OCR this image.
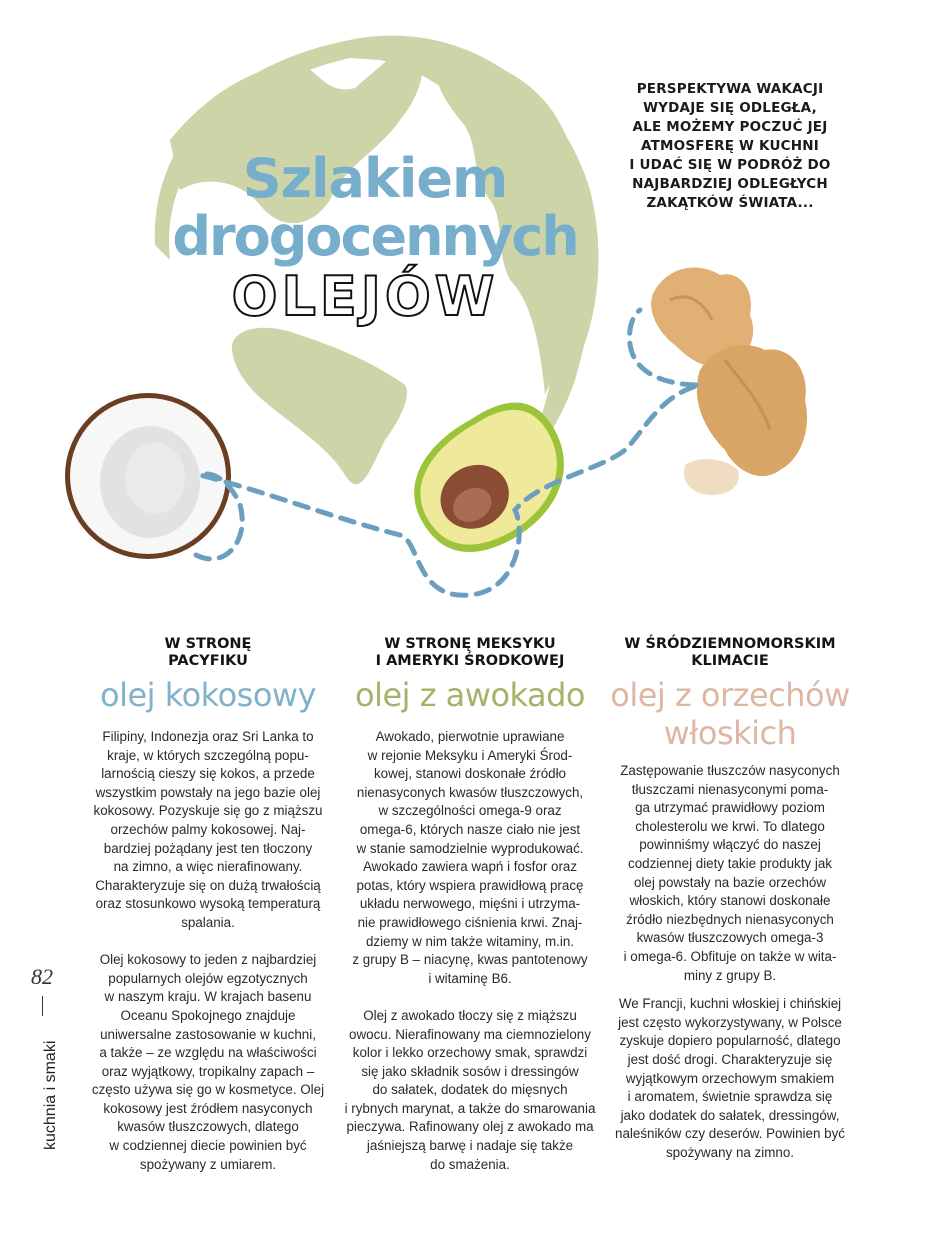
Szlakiem
drogocennych
OLEJÓW
PERSPEKTYWA WAKACJI
WYDAJE SIĘ ODLEGŁA,
ALE MOŻEMY POCZUĆ JEJ
ATMOSFERĘ W KUCHNI
I UDAĆ SIĘ W PODRÓŻ DO
NAJBARDZIEJ ODLEGŁYCH
ZAKĄTKÓW ŚWIATA...
W STRONĘ
PACYFIKU
olej kokosowy
Filipiny, Indonezja oraz Sri Lanka to
kraje, w których szczególną popu-
larnością cieszy się kokos, a przede
wszystkim powstały na jego bazie olej
kokosowy. Pozyskuje się go z miąższu
orzechów palmy kokosowej. Naj-
bardziej pożądany jest ten tłoczony
na zimno, a więc nierafinowany.
Charakteryzuje się on dużą trwałością
oraz stosunkowo wysoką temperaturą
spalania.
Olej kokosowy to jeden z najbardziej
popularnych olejów egzotycznych
w naszym kraju. W krajach basenu
Oceanu Spokojnego znajduje
uniwersalne zastosowanie w kuchni,
a także – ze względu na właściwości
oraz wyjątkowy, tropikalny zapach –
często używa się go w kosmetyce. Olej
kokosowy jest źródłem nasyconych
kwasów tłuszczowych, dlatego
w codziennej diecie powinien być
spożywany z umiarem.
W STRONĘ MEKSYKU
I AMERYKI ŚRODKOWEJ
olej z awokado
Awokado, pierwotnie uprawiane
w rejonie Meksyku i Ameryki Środ-
kowej, stanowi doskonałe źródło
nienasyconych kwasów tłuszczowych,
w szczególności omega-9 oraz
omega-6, których nasze ciało nie jest
w stanie samodzielnie wyprodukować.
Awokado zawiera wapń i fosfor oraz
potas, który wspiera prawidłową pracę
układu nerwowego, mięśni i utrzyma-
nie prawidłowego ciśnienia krwi. Znaj-
dziemy w nim także witaminy, m.in.
z grupy B – niacynę, kwas pantotenowy
i witaminę B6.
Olej z awokado tłoczy się z miąższu
owocu. Nierafinowany ma ciemnozielony
kolor i lekko orzechowy smak, sprawdzi
się jako składnik sosów i dressingów
do sałatek, dodatek do mięsnych
i rybnych marynat, a także do smarowania
pieczywa. Rafinowany olej z awokado ma
jaśniejszą barwę i nadaje się także
do smażenia.
W ŚRÓDZIEMNOMORSKIM
KLIMACIE
olej z orzechów
włoskich
Zastępowanie tłuszczów nasyconych
tłuszczami nienasyconymi poma-
ga utrzymać prawidłowy poziom
cholesterolu we krwi. To dlatego
powinniśmy włączyć do naszej
codziennej diety takie produkty jak
olej powstały na bazie orzechów
włoskich, który stanowi doskonałe
źródło niezbędnych nienasyconych
kwasów tłuszczowych omega-3
i omega-6. Obfituje on także w wita-
miny z grupy B.
We Francji, kuchni włoskiej i chińskiej
jest często wykorzystywany, w Polsce
zyskuje dopiero popularność, dlatego
jest dość drogi. Charakteryzuje się
wyjątkowym orzechowym smakiem
i aromatem, świetnie sprawdza się
jako dodatek do sałatek, dressingów,
naleśników czy deserów. Powinien być
spożywany na zimno.
82
kuchnia i smaki
